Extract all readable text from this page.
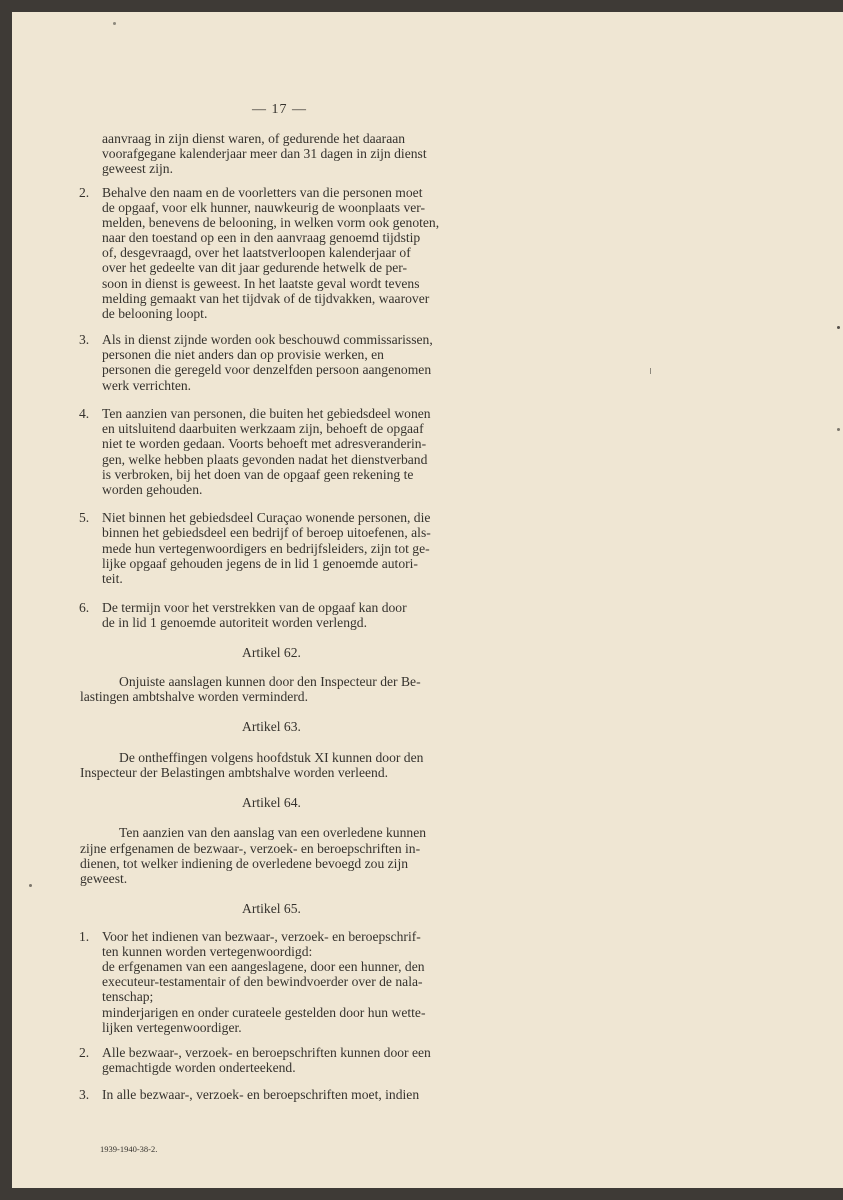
— 17 —
aanvraag in zijn dienst waren, of gedurende het daaraan
voorafgegane kalenderjaar meer dan 31 dagen in zijn dienst
geweest zijn.
2. Behalve den naam en de voorletters van die personen moet
de opgaaf, voor elk hunner, nauwkeurig de woonplaats ver-
melden, benevens de belooning, in welken vorm ook genoten,
naar den toestand op een in den aanvraag genoemd tijdstip
of, desgevraagd, over het laatstverloopen kalenderjaar of
over het gedeelte van dit jaar gedurende hetwelk de per-
soon in dienst is geweest. In het laatste geval wordt tevens
melding gemaakt van het tijdvak of de tijdvakken, waarover
de belooning loopt.
3. Als in dienst zijnde worden ook beschouwd commissarissen,
personen die niet anders dan op provisie werken, en
personen die geregeld voor denzelfden persoon aangenomen
werk verrichten.
4. Ten aanzien van personen, die buiten het gebiedsdeel wonen
en uitsluitend daarbuiten werkzaam zijn, behoeft de opgaaf
niet te worden gedaan. Voorts behoeft met adresveranderin-
gen, welke hebben plaats gevonden nadat het dienstverband
is verbroken, bij het doen van de opgaaf geen rekening te
worden gehouden.
5. Niet binnen het gebiedsdeel Curaçao wonende personen, die
binnen het gebiedsdeel een bedrijf of beroep uitoefenen, als-
mede hun vertegenwoordigers en bedrijfsleiders, zijn tot ge-
lijke opgaaf gehouden jegens de in lid 1 genoemde autori-
teit.
6. De termijn voor het verstrekken van de opgaaf kan door
de in lid 1 genoemde autoriteit worden verlengd.
Artikel 62.
Onjuiste aanslagen kunnen door den Inspecteur der Be-
lastingen ambtshalve worden verminderd.
Artikel 63.
De ontheffingen volgens hoofdstuk XI kunnen door den
Inspecteur der Belastingen ambtshalve worden verleend.
Artikel 64.
Ten aanzien van den aanslag van een overledene kunnen
zijne erfgenamen de bezwaar-, verzoek- en beroepschriften in-
dienen, tot welker indiening de overledene bevoegd zou zijn
geweest.
Artikel 65.
1. Voor het indienen van bezwaar-, verzoek- en beroepschrif-
ten kunnen worden vertegenwoordigd:
de erfgenamen van een aangeslagene, door een hunner, den
executeur-testamentair of den bewindvoerder over de nala-
tenschap;
minderjarigen en onder curateele gestelden door hun wette-
lijken vertegenwoordiger.
2. Alle bezwaar-, verzoek- en beroepschriften kunnen door een
gemachtigde worden onderteekend.
3. In alle bezwaar-, verzoek- en beroepschriften moet, indien
1939-1940-38-2.
